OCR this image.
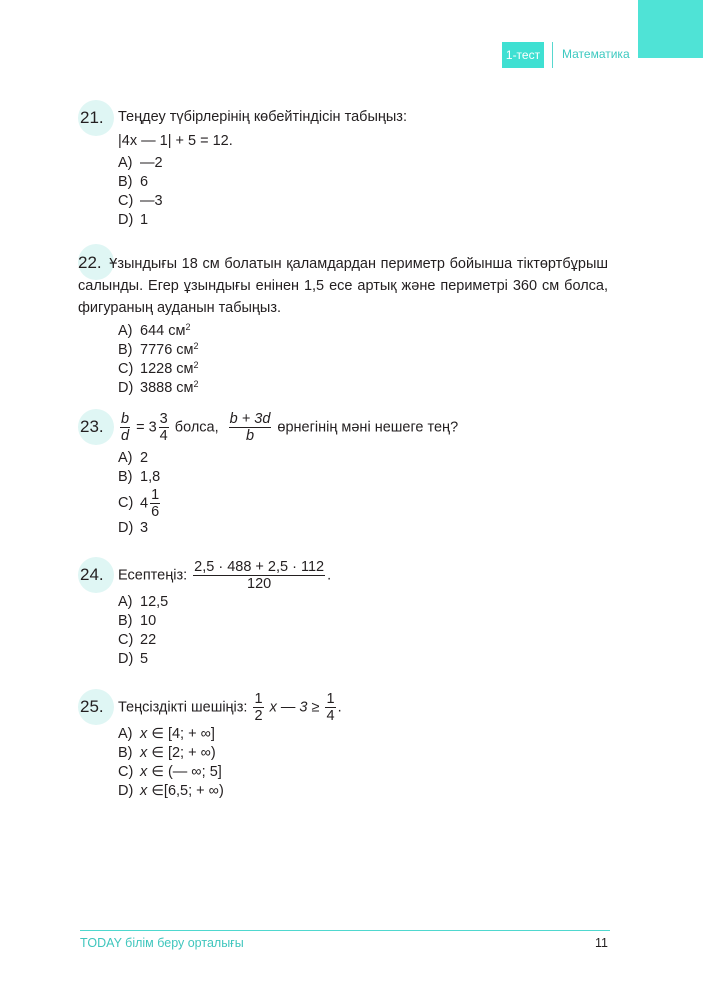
1-тест	Математика
21. Теңдеу түбірлерінің көбейтіндісін табыңыз:
|4x — 1| + 5 = 12.
A) —2
B) 6
C) —3
D) 1
22. Ұзындығы 18 см болатын қаламдардан периметр бойынша тіктөртбұрыш салынды. Егер ұзындығы енінен 1,5 есе артық және периметрі 360 см болса, фигураның ауданын табыңыз.
A) 644 $см^2$
B) 7776 $см^2$
C) 1228 $см^2$
D) 3888 $см^2$
23.	$\frac{b}{d} = 3 \frac{3}{4}$ болса, $\frac{b + 3d}{b}$ өрнегінің мәні нешеге тең?
A) 2
B) 1,8
C) $4 \frac{1}{6}$
D) 3
24. Есептеңіз: $\frac{2,5 \cdot 488 + 2,5 \cdot 112}{120}$ .
A) 12,5
B) 10
C) 22
D) 5
25. Теңсіздікті шешіңіз: $\frac{1}{2}$ x — $3 \ge \frac{1}{4}$ .
A) x ∈ [4; + ∞]
B) x ∈ [2; + ∞)
C) x ∈ (— ∞; 5]
D) x ∈[6,5; + ∞)
TODAY білім беру орталығы	11
